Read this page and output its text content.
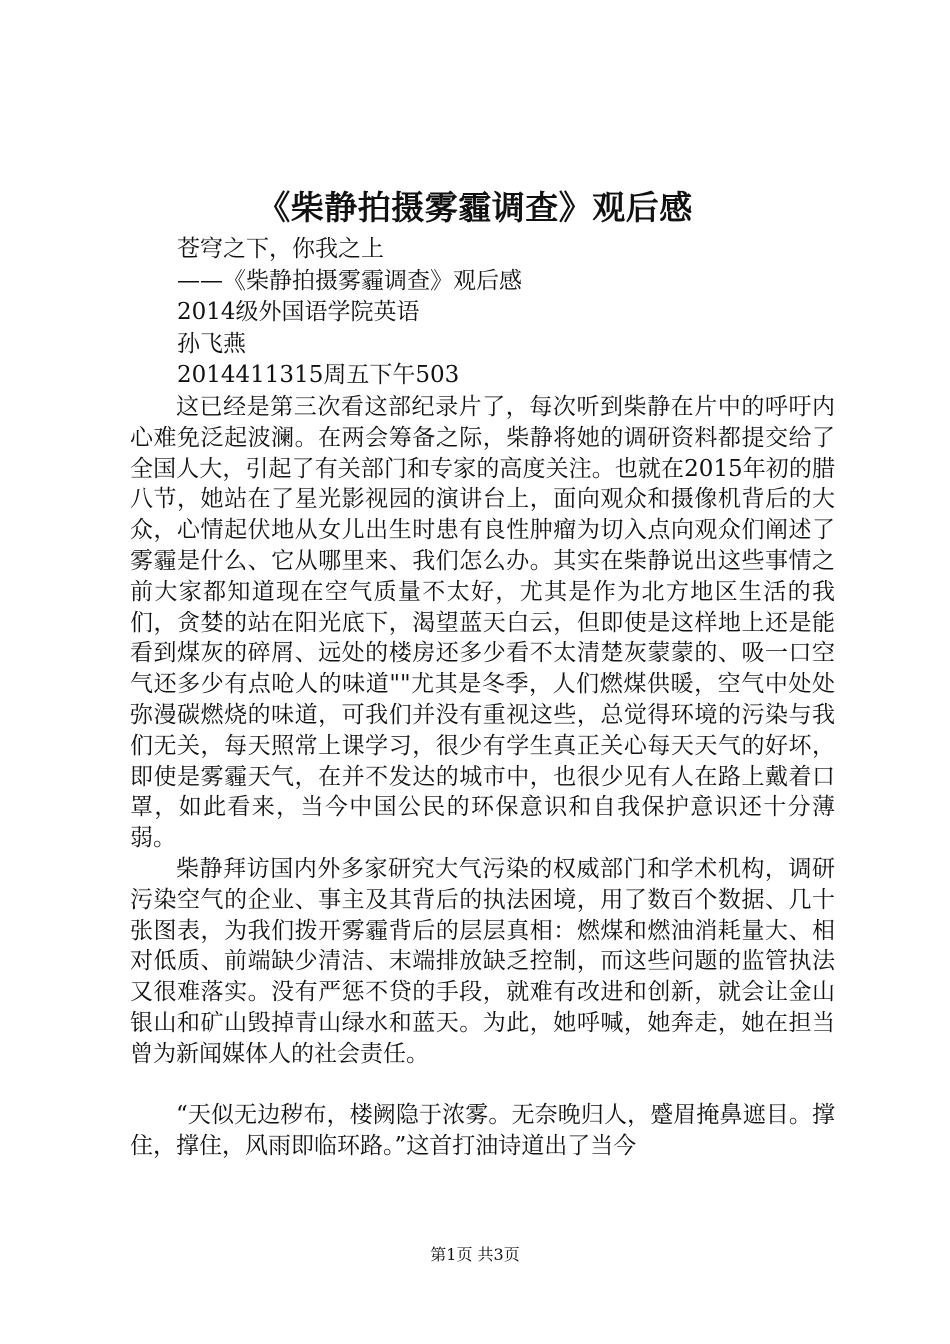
《柴静拍摄雾霾调查》观后感
苍穹之下，你我之上
——《柴静拍摄雾霾调查》观后感
2014级外国语学院英语
孙飞燕
2014411315周五下午503

这已经是第三次看这部纪录片了，每次听到柴静在片中的呼吁内心难免泛起波澜。在两会筹备之际，柴静将她的调研资料都提交给了全国人大，引起了有关部门和专家的高度关注。也就在2015年初的腊八节，她站在了星光影视园的演讲台上，面向观众和摄像机背后的大众，心情起伏地从女儿出生时患有良性肿瘤为切入点向观众们阐述了雾霾是什么、它从哪里来、我们怎么办。其实在柴静说出这些事情之前大家都知道现在空气质量不太好，尤其是作为北方地区生活的我们，贪婪的站在阳光底下，渴望蓝天白云，但即使是这样地上还是能看到煤灰的碎屑、远处的楼房还多少看不太清楚灰蒙蒙的、吸一口空气还多少有点呛人的味道""尤其是冬季，人们燃煤供暖，空气中处处弥漫碳燃烧的味道，可我们并没有重视这些，总觉得环境的污染与我们无关，每天照常上课学习，很少有学生真正关心每天天气的好坏，即使是雾霾天气，在并不发达的城市中，也很少见有人在路上戴着口罩，如此看来，当今中国公民的环保意识和自我保护意识还十分薄弱。

柴静拜访国内外多家研究大气污染的权威部门和学术机构，调研污染空气的企业、事主及其背后的执法困境，用了数百个数据、几十张图表，为我们拨开雾霾背后的层层真相：燃煤和燃油消耗量大、相对低质、前端缺少清洁、末端排放缺乏控制，而这些问题的监管执法又很难落实。没有严惩不贷的手段，就难有改进和创新，就会让金山银山和矿山毁掉青山绿水和蓝天。为此，她呼喊，她奔走，她在担当曾为新闻媒体人的社会责任。

“天似无边秽布，楼阙隐于浓雾。无奈晚归人，蹙眉掩鼻遮目。撑住，撑住，风雨即临环路。”这首打油诗道出了当今

第1页 共3页
